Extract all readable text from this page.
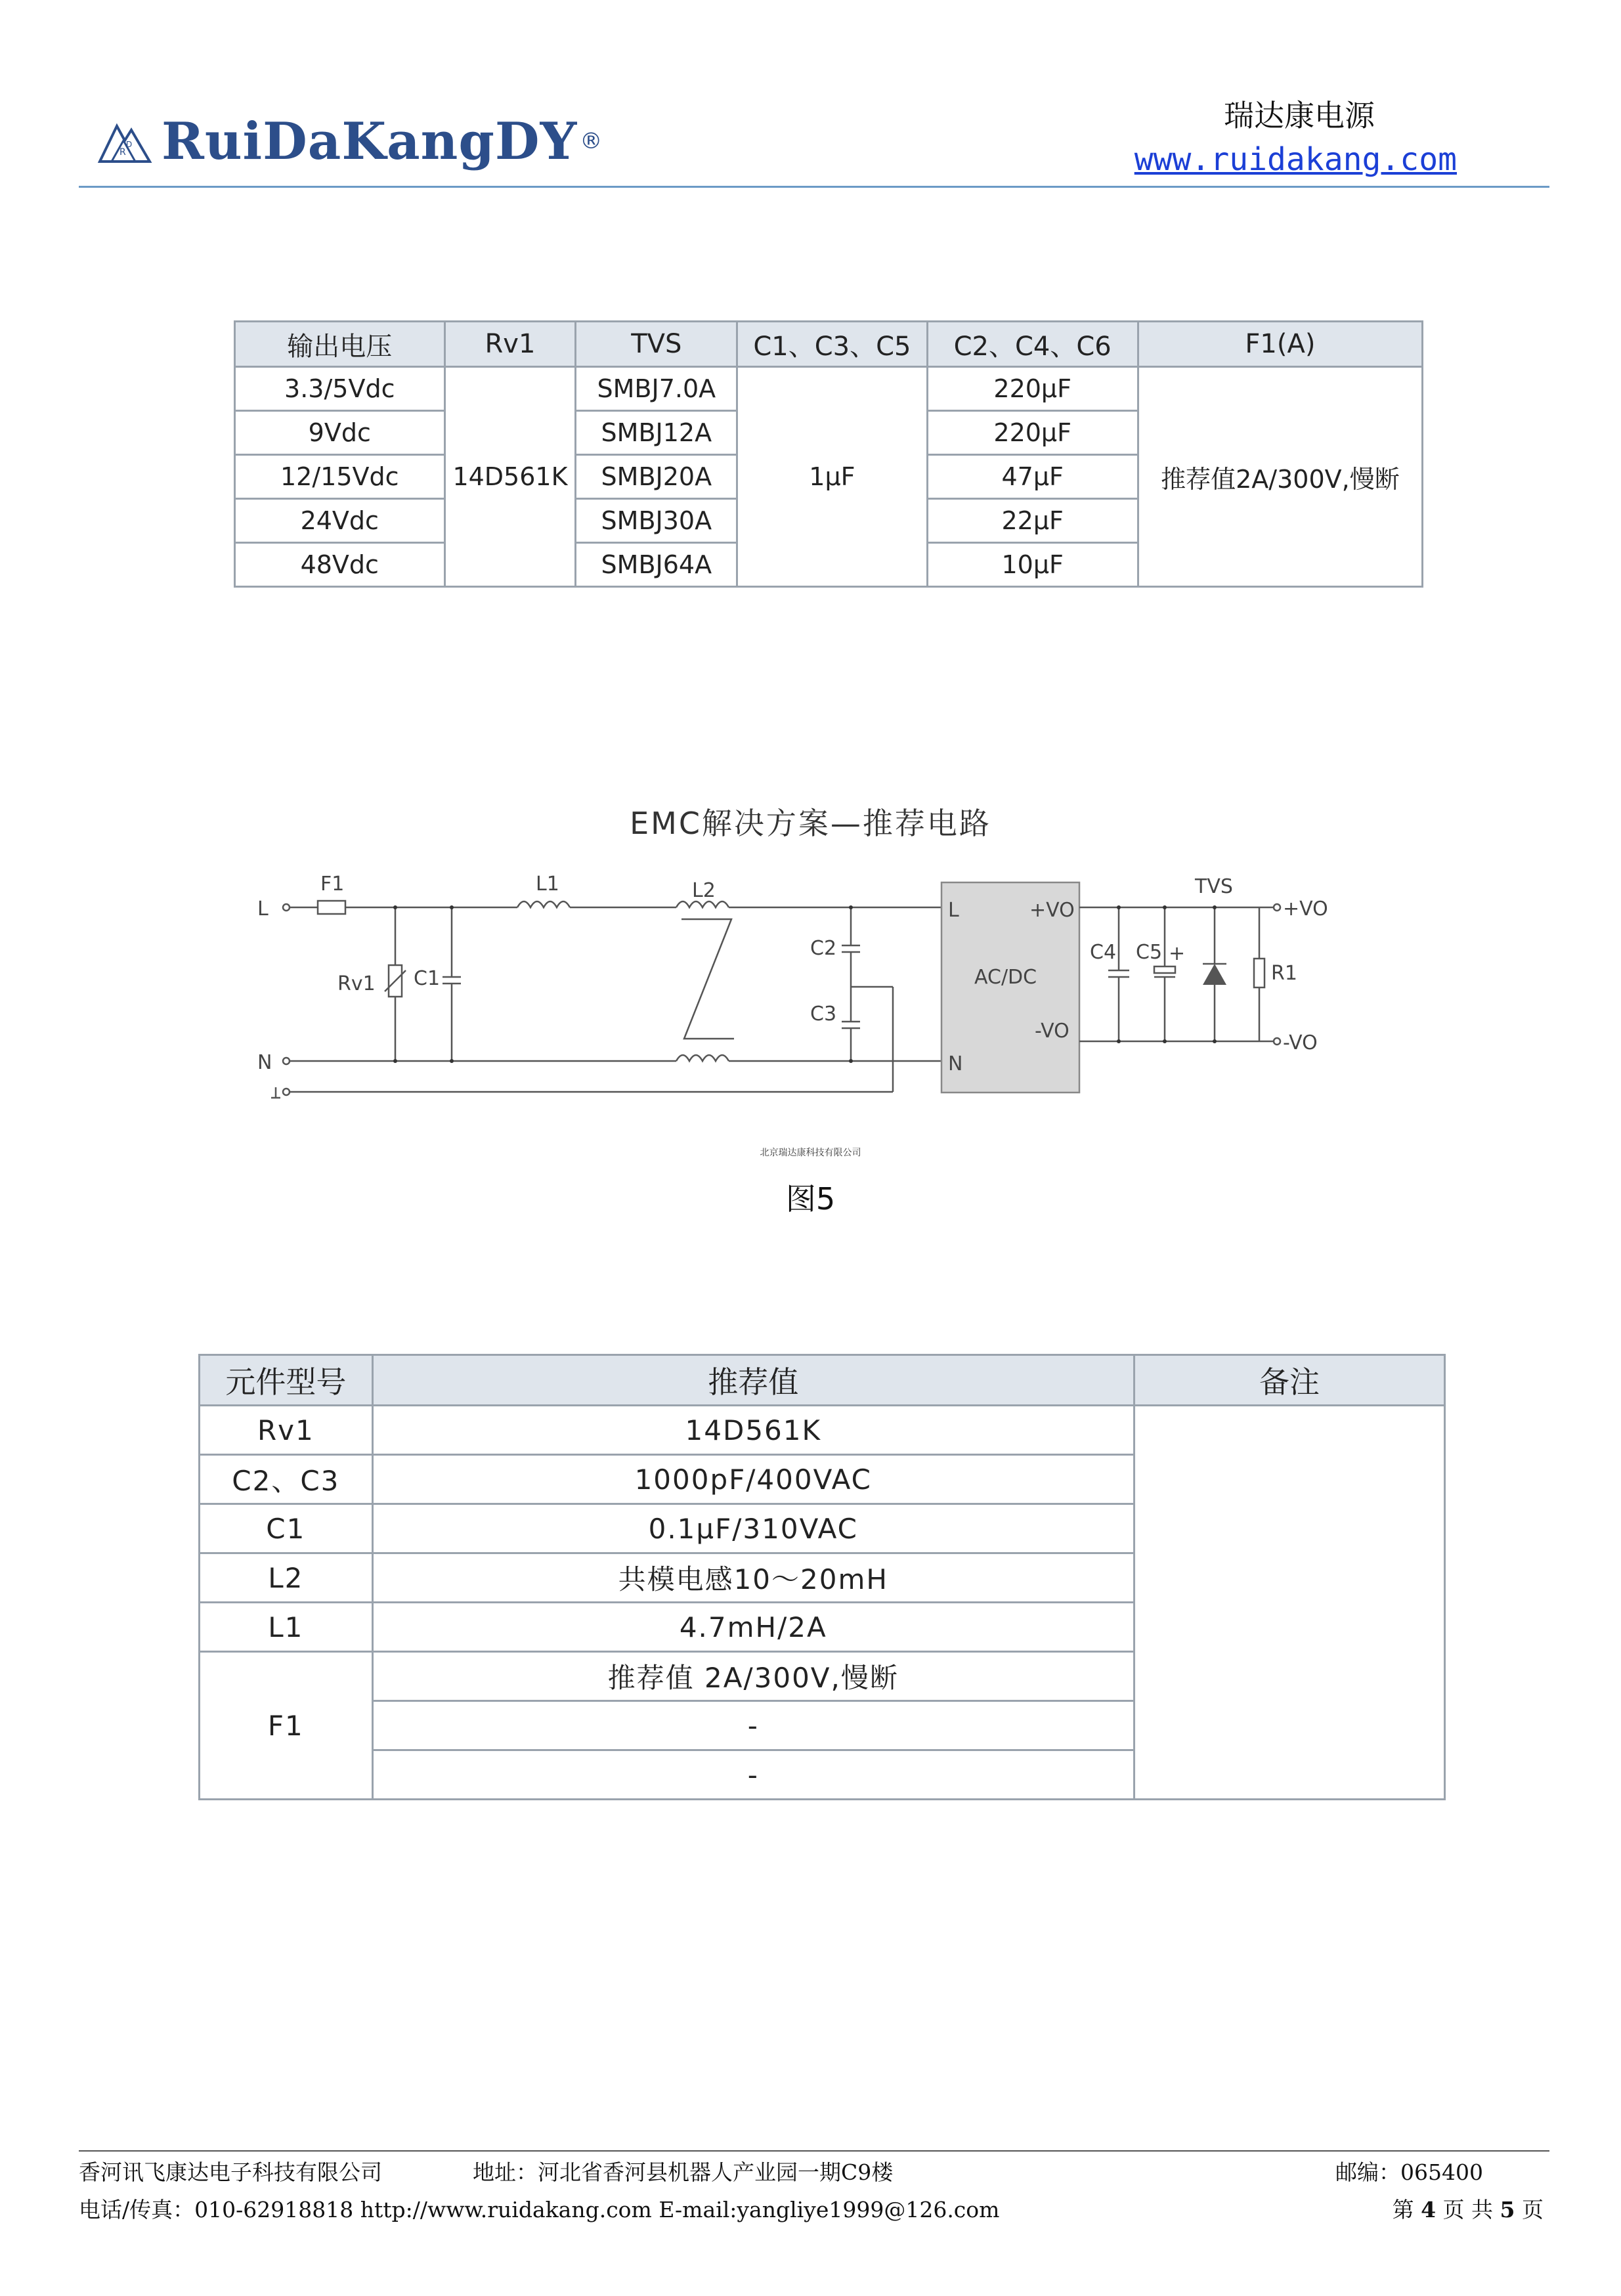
R
D RuiDaKangDY ®
瑞达康电源
www.ruidakang.com
输出电压	Rv1	TVS	C1、C3、C5	C2、C4、C6	F1(A)
3.3/5Vdc	14D561K	SMBJ7.0A	1μF	220μF	推荐值2A/300V,慢断
9Vdc		SMBJ12A		220μF	
12/15Vdc		SMBJ20A		47μF	
24Vdc		SMBJ30A		22μF	
48Vdc		SMBJ64A		10μF	
EMC解决方案—推荐电路
L
N
F1	L1	L2
Rv1 C1
C2
C3
L
N
+VO
-VO
AC/DC
C4 C5 +
TVS
R1
+VO
-VO
北京瑞达康科技有限公司
图5
元件型号	推荐值	备注
Rv1	14D561K	
C2、C3	1000pF/400VAC	
C1	0.1μF/310VAC	
L2	共模电感10～20mH	
L1	4.7mH/2A	
F1	推荐值 2A/300V,慢断	
	-	
	-	
香河讯飞康达电子科技有限公司	地址：河北省香河县机器人产业园一期C9楼	邮编：065400
电话/传真：010-62918818 http://www.ruidakang.com E-mail:yangliye1999@126.com	第 4 页 共 5 页
